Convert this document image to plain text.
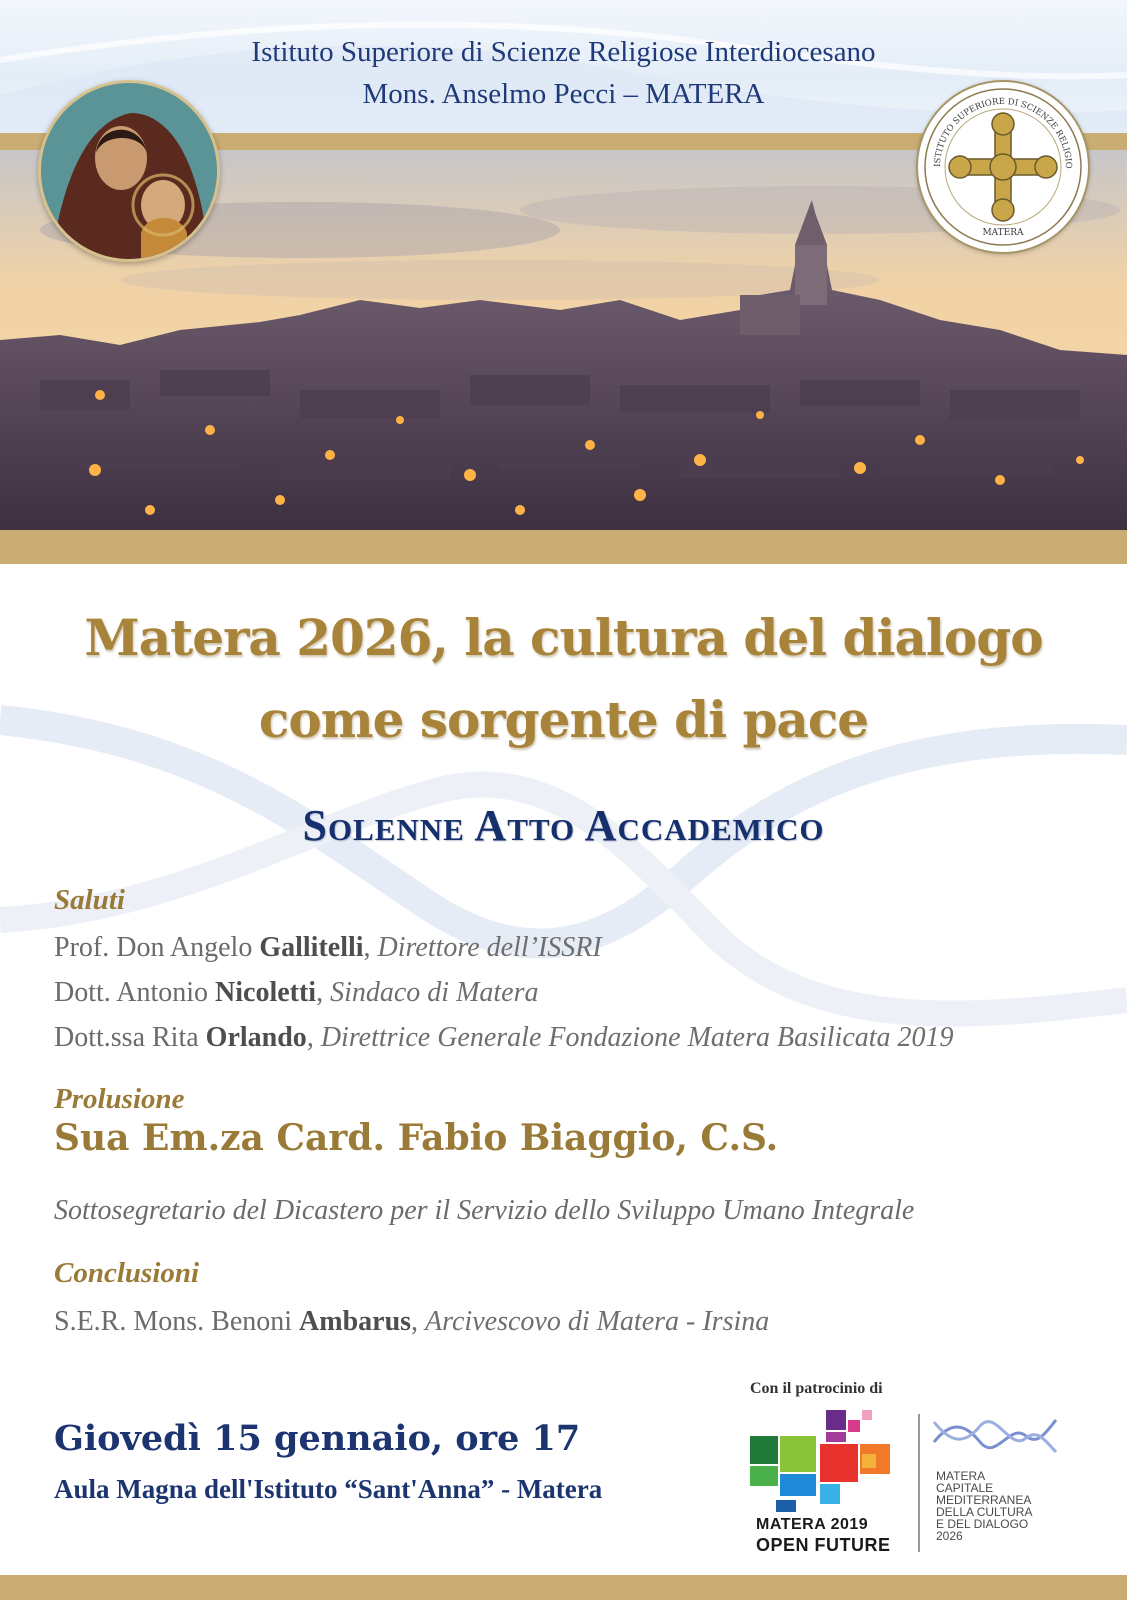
Istituto Superiore di Scienze Religiose Interdiocesano
Mons. Anselmo Pecci – MATERA
ISTITUTO SUPERIORE DI SCIENZE RELIGIO
MATERA
Matera 2026, la cultura del dialogo
come sorgente di pace
Solenne Atto Accademico
Saluti
Prof. Don Angelo Gallitelli, Direttore dell’ISSRI
Dott. Antonio Nicoletti, Sindaco di Matera
Dott.ssa Rita Orlando, Direttrice Generale Fondazione Matera Basilicata 2019
Prolusione
Sua Em.za Card. Fabio Biaggio, C.S.
Sottosegretario del Dicastero per il Servizio dello Sviluppo Umano Integrale
Conclusioni
S.E.R. Mons. Benoni Ambarus, Arcivescovo di Matera - Irsina
Giovedì 15 gennaio, ore 17
Aula Magna dell'Istituto “Sant'Anna” - Matera
Con il patrocinio di
MATERA 2019
OPEN FUTURE
MATERA
CAPITALE
MEDITERRANEA
DELLA CULTURA
E DEL DIALOGO
2026
